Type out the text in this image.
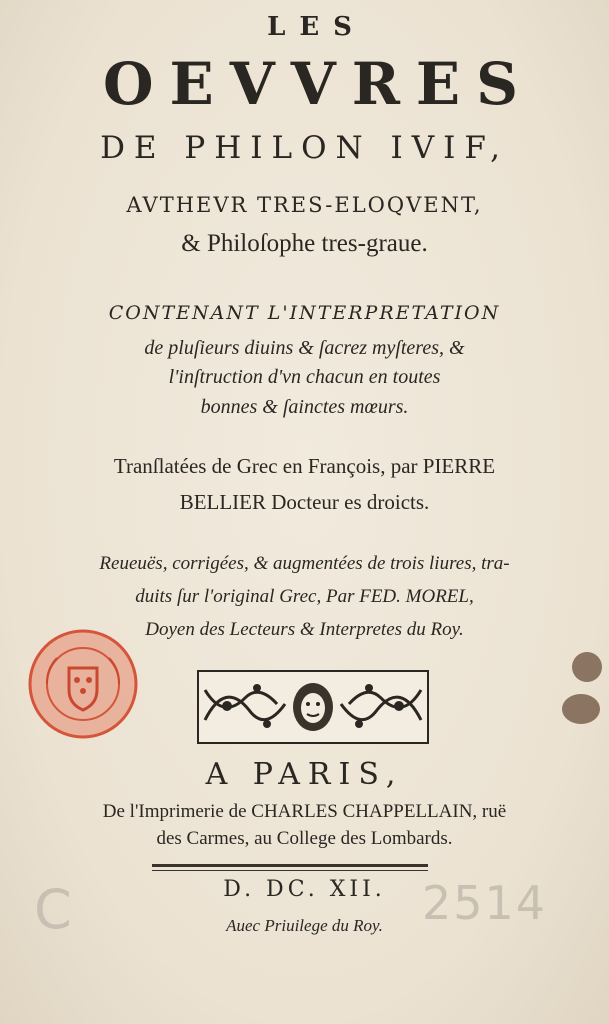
LES
OEVVRES
DE PHILON IVIF,
AVTHEVR TRES-ELOQVENT,
& Philoſophe tres-graue.
CONTENANT L'INTERPRETATION
de pluſieurs diuins & ſacrez myſteres, &
l'inſtruction d'vn chacun en toutes
bonnes & ſainctes mœurs.
Tranſlatées de Grec en François, par PIERRE
BELLIER Docteur es droicts.
Reueuës, corrigées, & augmentées de trois liures, tra-
duits ſur l'original Grec, Par FED. MOREL,
Doyen des Lecteurs & Interpretes du Roy.
A PARIS,
De l'Imprimerie de CHARLES CHAPPELLAIN, ruë
des Carmes, au College des Lombards.
D. DC. XII.
Auec Priuilege du Roy.
C	2514
